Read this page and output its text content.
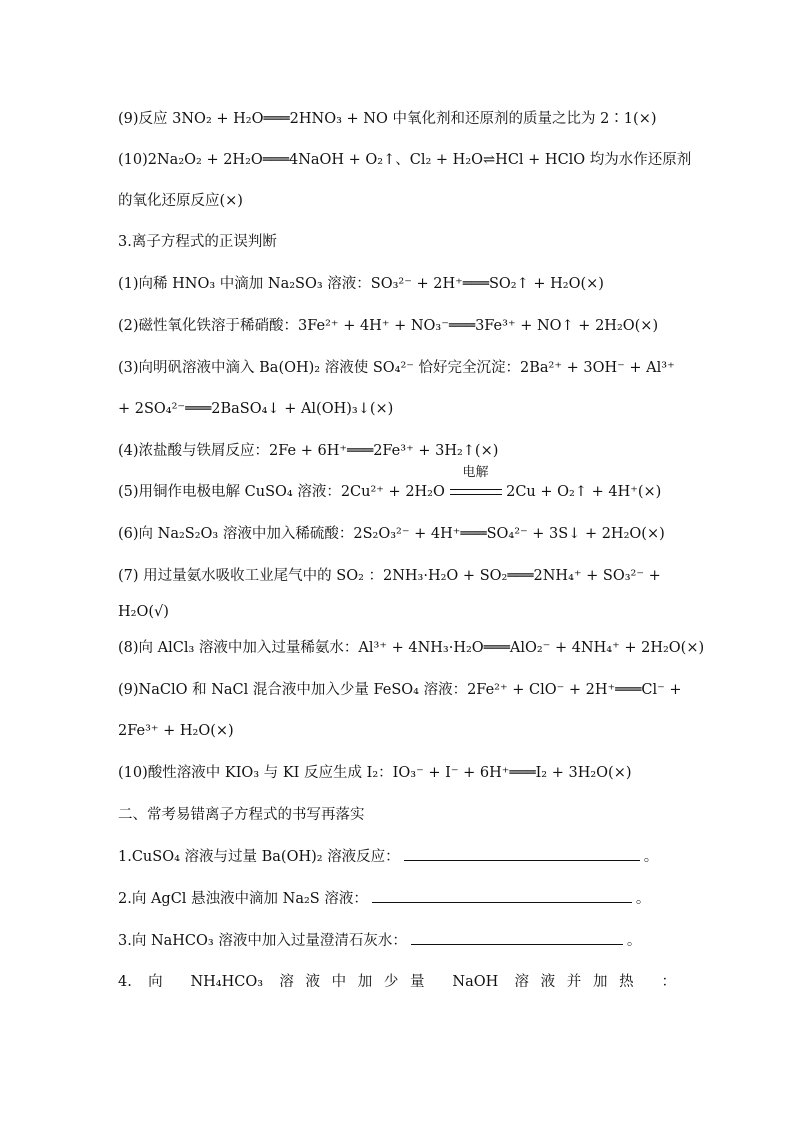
(9)反应 3NO₂ + H₂O═══2HNO₃ + NO 中氧化剂和还原剂的质量之比为 2∶1(×)
(10)2Na₂O₂ + 2H₂O═══4NaOH + O₂↑、Cl₂ + H₂O⇌HCl + HClO 均为水作还原剂
的氧化还原反应(×)
3.离子方程式的正误判断
(1)向稀 HNO₃ 中滴加 Na₂SO₃ 溶液：SO₃²⁻ + 2H⁺═══SO₂↑ + H₂O(×)
(2)磁性氧化铁溶于稀硝酸：3Fe²⁺ + 4H⁺ + NO₃⁻═══3Fe³⁺ + NO↑ + 2H₂O(×)
(3)向明矾溶液中滴入 Ba(OH)₂ 溶液使 SO₄²⁻ 恰好完全沉淀：2Ba²⁺ + 3OH⁻ + Al³⁺
+ 2SO₄²⁻═══2BaSO₄↓ + Al(OH)₃↓(×)
(4)浓盐酸与铁屑反应：2Fe + 6H⁺═══2Fe³⁺ + 3H₂↑(×)
(5)用铜作电极电解 CuSO₄ 溶液：2Cu²⁺ + 2H₂O
电解
2Cu + O₂↑ + 4H⁺(×)
(6)向 Na₂S₂O₃ 溶液中加入稀硫酸：2S₂O₃²⁻ + 4H⁺═══SO₄²⁻ + 3S↓ + 2H₂O(×)
(7) 用过量氨水吸收工业尾气中的 SO₂ ：2NH₃·H₂O + SO₂═══2NH₄⁺ + SO₃²⁻ +
H₂O(√)
(8)向 AlCl₃ 溶液中加入过量稀氨水：Al³⁺ + 4NH₃·H₂O═══AlO₂⁻ + 4NH₄⁺ + 2H₂O(×)
(9)NaClO 和 NaCl 混合液中加入少量 FeSO₄ 溶液：2Fe²⁺ + ClO⁻ + 2H⁺═══Cl⁻ +
2Fe³⁺ + H₂O(×)
(10)酸性溶液中 KIO₃ 与 KI 反应生成 I₂：IO₃⁻ + I⁻ + 6H⁺═══I₂ + 3H₂O(×)
二、常考易错离子方程式的书写再落实
1.CuSO₄ 溶液与过量 Ba(OH)₂ 溶液反应：	。
2.向 AgCl 悬浊液中滴加 Na₂S 溶液：	。
3.向 NaHCO₃ 溶液中加入过量澄清石灰水：	。
4. 向 NH₄HCO₃ 溶液中加少量 NaOH 溶液并加热 ：
